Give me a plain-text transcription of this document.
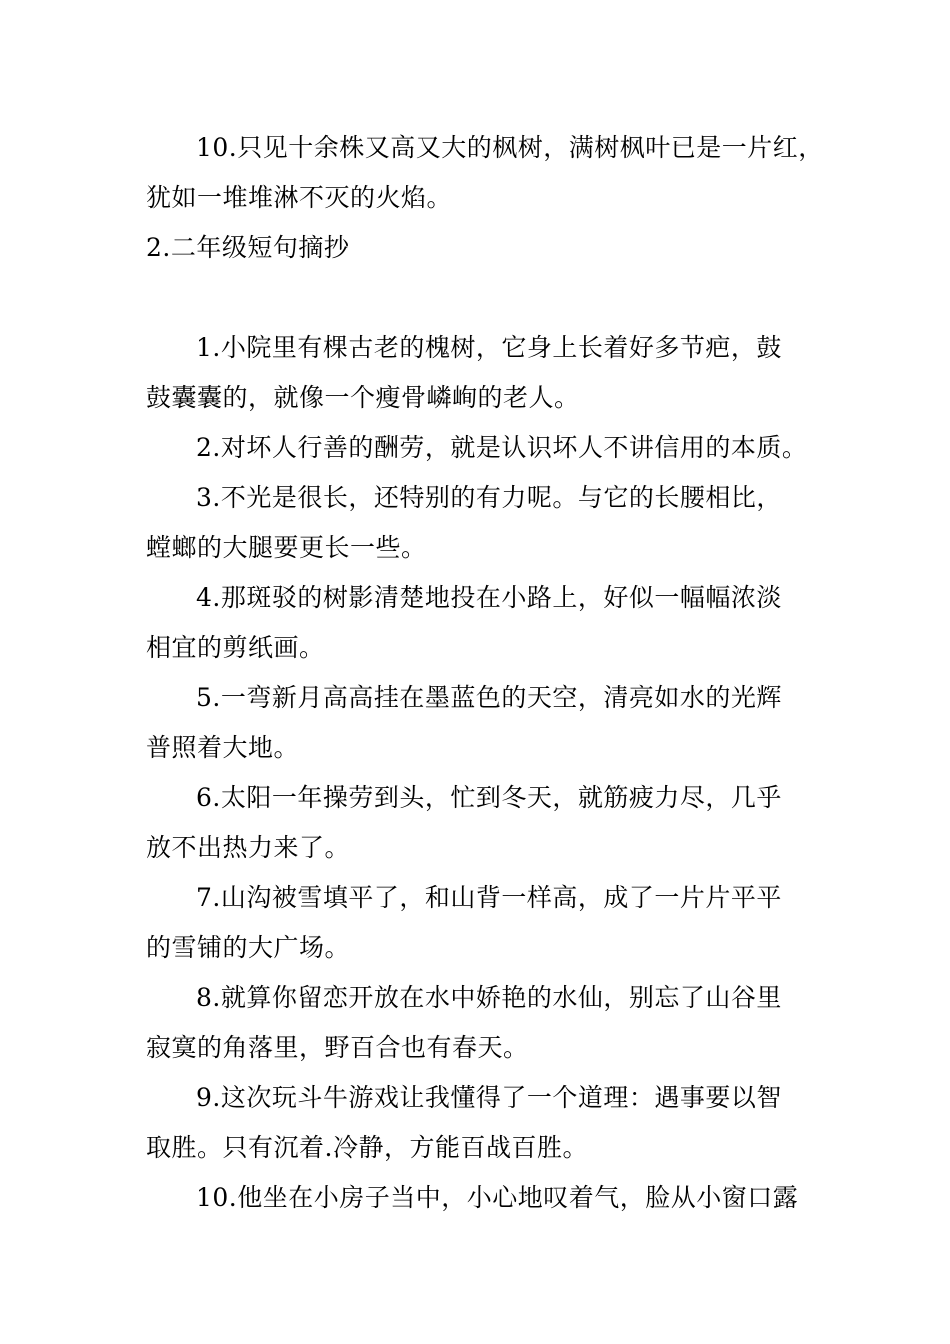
10.只见十余株又高又大的枫树，满树枫叶已是一片红，
犹如一堆堆淋不灭的火焰。
2.二年级短句摘抄
1.小院里有棵古老的槐树，它身上长着好多节疤，鼓
鼓囊囊的，就像一个瘦骨嶙峋的老人。
2.对坏人行善的酬劳，就是认识坏人不讲信用的本质。
3.不光是很长，还特别的有力呢。与它的长腰相比，
螳螂的大腿要更长一些。
4.那斑驳的树影清楚地投在小路上，好似一幅幅浓淡
相宜的剪纸画。
5.一弯新月高高挂在墨蓝色的天空，清亮如水的光辉
普照着大地。
6.太阳一年操劳到头，忙到冬天，就筋疲力尽，几乎
放不出热力来了。
7.山沟被雪填平了，和山背一样高，成了一片片平平
的雪铺的大广场。
8.就算你留恋开放在水中娇艳的水仙，别忘了山谷里
寂寞的角落里，野百合也有春天。
9.这次玩斗牛游戏让我懂得了一个道理：遇事要以智
取胜。只有沉着.冷静，方能百战百胜。
10.他坐在小房子当中，小心地叹着气，脸从小窗口露
